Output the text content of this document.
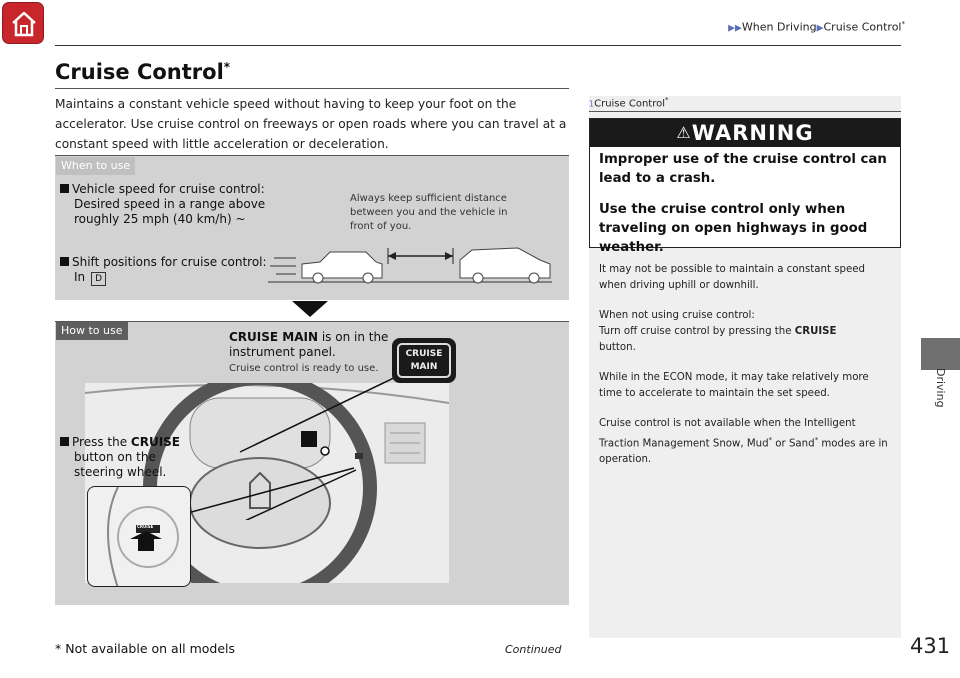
▶▶When Driving▶Cruise Control*
Driving
Cruise Control*
Maintains a constant vehicle speed without having to keep your foot on the accelerator. Use cruise control on freeways or open roads where you can travel at a constant speed with little acceleration or deceleration.
When to use
Vehicle speed for cruise control:
Desired speed in a range above
roughly 25 mph (40 km/h) ~
Always keep sufficient distance between you and the vehicle in front of you.
Shift positions for cruise control:
In D
How to use
CRUISE
MAIN
CRUISE MAIN is on in the
instrument panel.
Cruise control is ready to use.
Press the CRUISE
button on the
steering wheel.
CRUISE
1Cruise Control*
⚠WARNING

Improper use of the cruise control can lead to a crash.

Use the cruise control only when traveling on open highways in good weather.

It may not be possible to maintain a constant speed when driving uphill or downhill.

When not using cruise control:
Turn off cruise control by pressing the CRUISE
button.

While in the ECON mode, it may take relatively more time to accelerate to maintain the set speed.

Cruise control is not available when the Intelligent Traction Management Snow, Mud* or Sand* modes are in operation.

* Not available on all models	Continued	431
